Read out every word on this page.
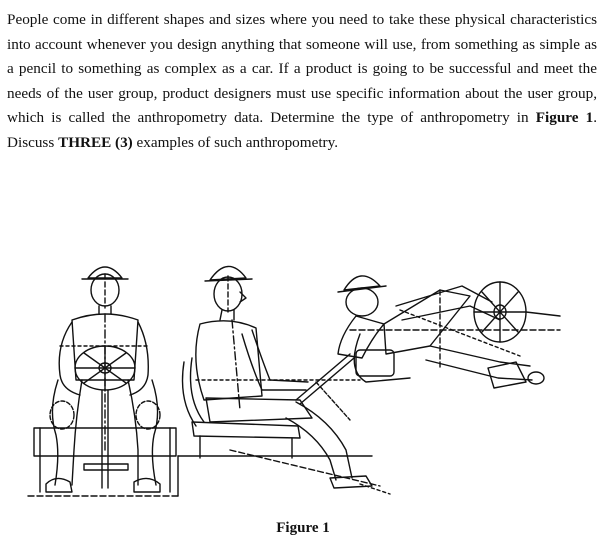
People come in different shapes and sizes where you need to take these physical characteristics into account whenever you design anything that someone will use, from something as simple as a pencil to something as complex as a car. If a product is going to be successful and meet the needs of the user group, product designers must use specific information about the user group, which is called the anthropometry data. Determine the type of anthropometry in Figure 1. Discuss THREE (3) examples of such anthropometry.

Figure 1
